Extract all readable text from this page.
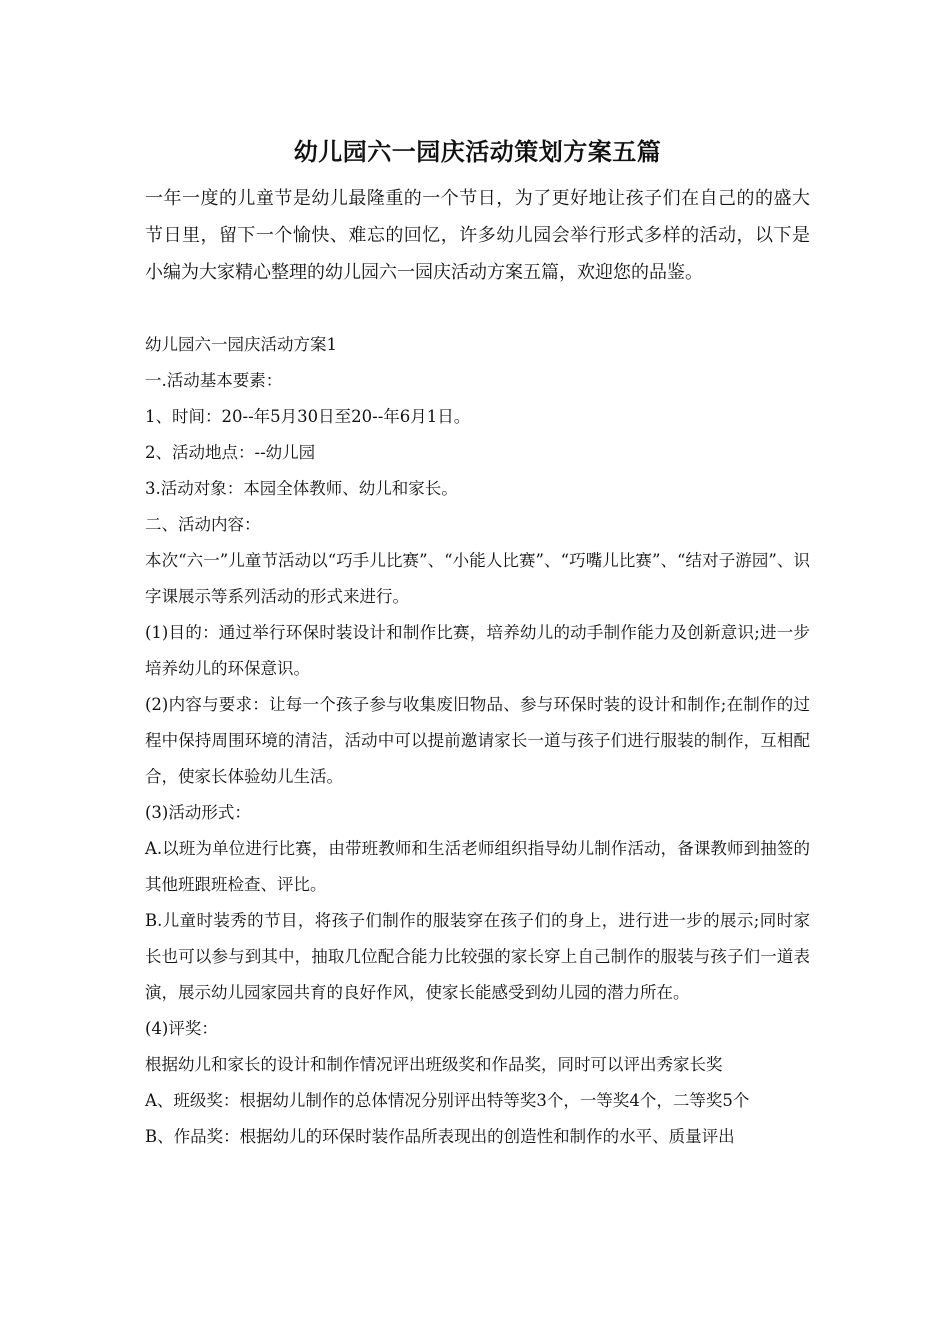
幼儿园六一园庆活动策划方案五篇

一年一度的儿童节是幼儿最隆重的一个节日，为了更好地让孩子们在自己的的盛大节日里，留下一个愉快、难忘的回忆，许多幼儿园会举行形式多样的活动，以下是小编为大家精心整理的幼儿园六一园庆活动方案五篇，欢迎您的品鉴。

幼儿园六一园庆活动方案1

一.活动基本要素：

1、时间：20--年5月30日至20--年6月1日。

2、活动地点：--幼儿园

3.活动对象：本园全体教师、幼儿和家长。

二、活动内容：

本次“六一”儿童节活动以“巧手儿比赛”、“小能人比赛”、“巧嘴儿比赛”、“结对子游园”、识字课展示等系列活动的形式来进行。

(1)目的：通过举行环保时装设计和制作比赛，培养幼儿的动手制作能力及创新意识;进一步培养幼儿的环保意识。

(2)内容与要求：让每一个孩子参与收集废旧物品、参与环保时装的设计和制作;在制作的过程中保持周围环境的清洁，活动中可以提前邀请家长一道与孩子们进行服装的制作，互相配合，使家长体验幼儿生活。

(3)活动形式：

A.以班为单位进行比赛，由带班教师和生活老师组织指导幼儿制作活动，备课教师到抽签的其他班跟班检查、评比。

B.儿童时装秀的节目，将孩子们制作的服装穿在孩子们的身上，进行进一步的展示;同时家长也可以参与到其中，抽取几位配合能力比较强的家长穿上自己制作的服装与孩子们一道表演，展示幼儿园家园共育的良好作风，使家长能感受到幼儿园的潜力所在。

(4)评奖：

根据幼儿和家长的设计和制作情况评出班级奖和作品奖，同时可以评出秀家长奖

A、班级奖：根据幼儿制作的总体情况分别评出特等奖3个，一等奖4个，二等奖5个

B、作品奖：根据幼儿的环保时装作品所表现出的创造性和制作的水平、质量评出
